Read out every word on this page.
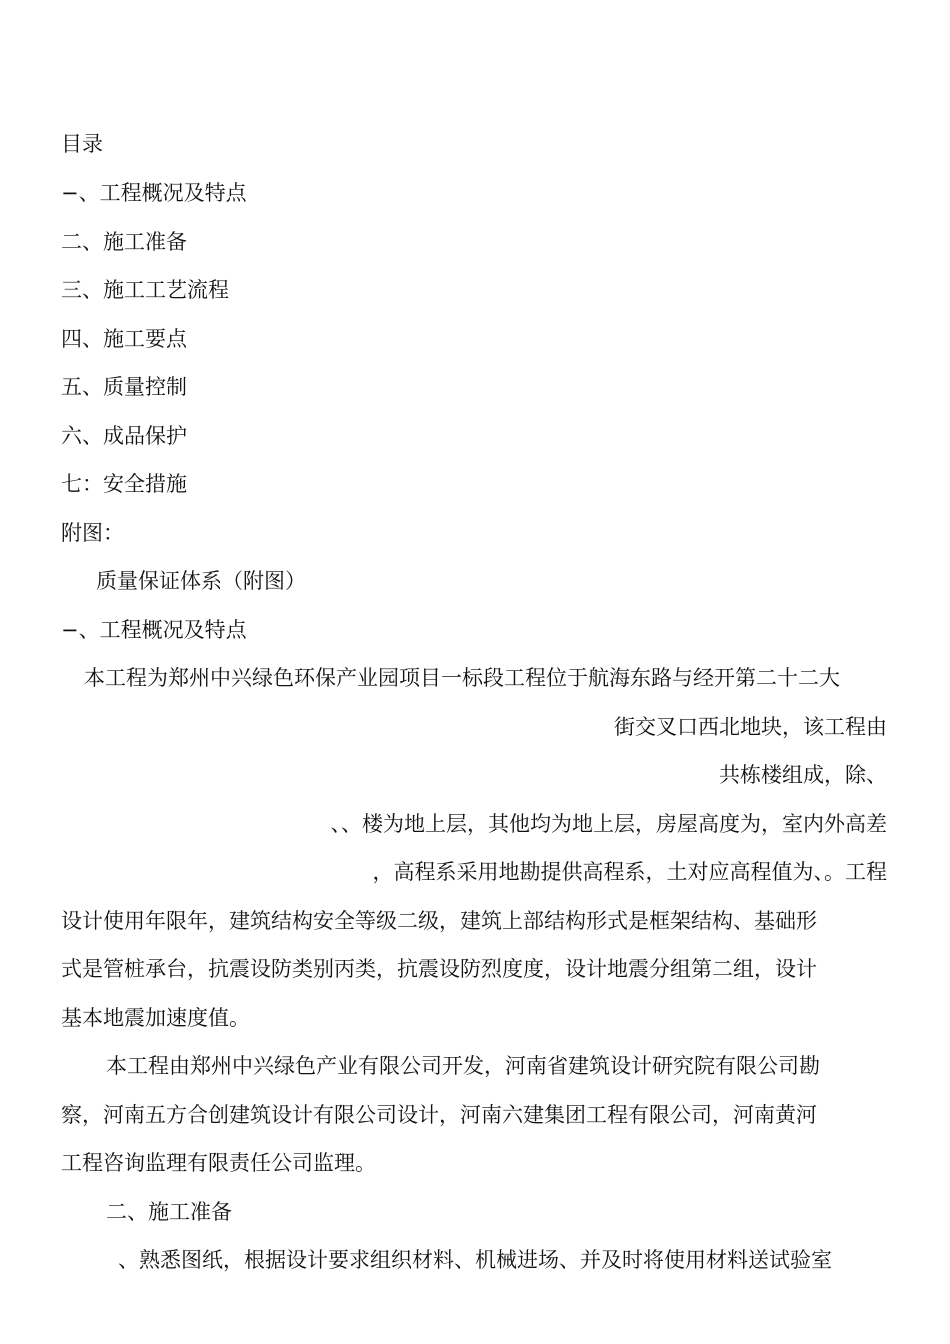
目录
−、工程概况及特点
二、施工准备
三、施工工艺流程
四、施工要点
五、质量控制
六、成品保护
七：安全措施
附图：
质量保证体系（附图）
−、工程概况及特点
本工程为郑州中兴绿色环保产业园项目一标段工程位于航海东路与经开第二十二大
街交叉口西北地块，该工程由
共栋楼组成，除、
、、楼为地上层，其他均为地上层，房屋高度为，室内外高差
，高程系采用地勘提供高程系，土对应高程值为、。工程
设计使用年限年，建筑结构安全等级二级，建筑上部结构形式是框架结构、基础形
式是管桩承台，抗震设防类别丙类，抗震设防烈度度，设计地震分组第二组，设计
基本地震加速度值。
本工程由郑州中兴绿色产业有限公司开发，河南省建筑设计研究院有限公司勘
察，河南五方合创建筑设计有限公司设计，河南六建集团工程有限公司，河南黄河
工程咨询监理有限责任公司监理。
二、施工准备
、熟悉图纸，根据设计要求组织材料、机械进场、并及时将使用材料送试验室
